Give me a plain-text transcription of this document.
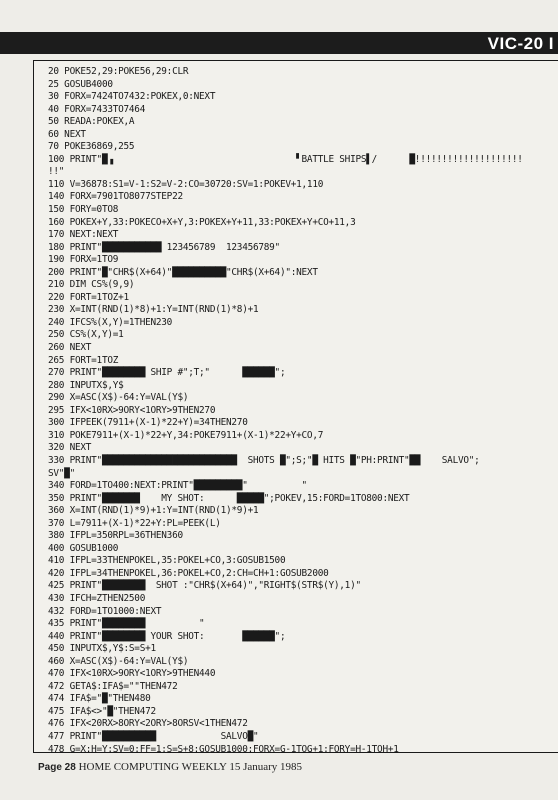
VIC-20 I
20 POKE52,29:POKE56,29:CLR
25 GOSUB4000
30 FORX=7424TO7432:POKEX,0:NEXT
40 FORX=7433TO7464
50 READA:POKEX,A
60 NEXT
70 POKE36869,255
100 PRINT"█▗                                  ▘BATTLE SHIPS▌/      █!!!!!!!!!!!!!!!!!!!!
!!"
110 V=36878:S1=V-1:S2=V-2:CO=30720:SV=1:POKEV+1,110
140 FORX=7901TO8077STEP22
150 FORY=0TO8
160 POKEX+Y,33:POKECO+X+Y,3:POKEX+Y+11,33:POKEX+Y+CO+11,3
170 NEXT:NEXT
180 PRINT"███████████ 123456789  123456789"
190 FORX=1TO9
200 PRINT"█"CHR$(X+64)"██████████"CHR$(X+64)":NEXT
210 DIM CS%(9,9)
220 FORT=1TOZ+1
230 X=INT(RND(1)*8)+1:Y=INT(RND(1)*8)+1
240 IFCS%(X,Y)=1THEN230
250 CS%(X,Y)=1
260 NEXT
265 FORT=1TOZ
270 PRINT"████████ SHIP #";T;"      ██████";
280 INPUTX$,Y$
290 X=ASC(X$)-64:Y=VAL(Y$)
295 IFX<10RX>9ORY<1ORY>9THEN270
300 IFPEEK(7911+(X-1)*22+Y)=34THEN270
310 POKE7911+(X-1)*22+Y,34:POKE7911+(X-1)*22+Y+CO,7
320 NEXT
330 PRINT"█████████████████████████  SHOTS █";S;"█ HITS █"PH:PRINT"██    SALVO";
SV"█"
340 FORD=1TO400:NEXT:PRINT"█████████"          "
350 PRINT"███████    MY SHOT:      █████";POKEV,15:FORD=1TO800:NEXT
360 X=INT(RND(1)*9)+1:Y=INT(RND(1)*9)+1
370 L=7911+(X-1)*22+Y:PL=PEEK(L)
380 IFPL=350RPL=36THEN360
400 GOSUB1000
410 IFPL=33THENPOKEL,35:POKEL+CO,3:GOSUB1500
420 IFPL=34THENPOKEL,36:POKEL+CO,2:CH=CH+1:GOSUB2000
425 PRINT"████████  SHOT :"CHR$(X+64)","RIGHT$(STR$(Y),1)"
430 IFCH=ZTHEN2500
432 FORD=1TO1000:NEXT
435 PRINT"████████          "
440 PRINT"████████ YOUR SHOT:       ██████";
450 INPUTX$,Y$:S=S+1
460 X=ASC(X$)-64:Y=VAL(Y$)
470 IFX<10RX>9ORY<1ORY>9THEN440
472 GETA$:IFA$=""THEN472
474 IFA$="█"THEN480
475 IFA$<>"█"THEN472
476 IFX<20RX>8ORY<2ORY>8ORSV<1THEN472
477 PRINT"██████████            SALVO█"
478 G=X:H=Y:SV=0:FF=1:S=S+8:GOSUB1000:FORX=G-1TOG+1:FORY=H-1TOH+1
Page 28 HOME COMPUTING WEEKLY 15 January 1985
